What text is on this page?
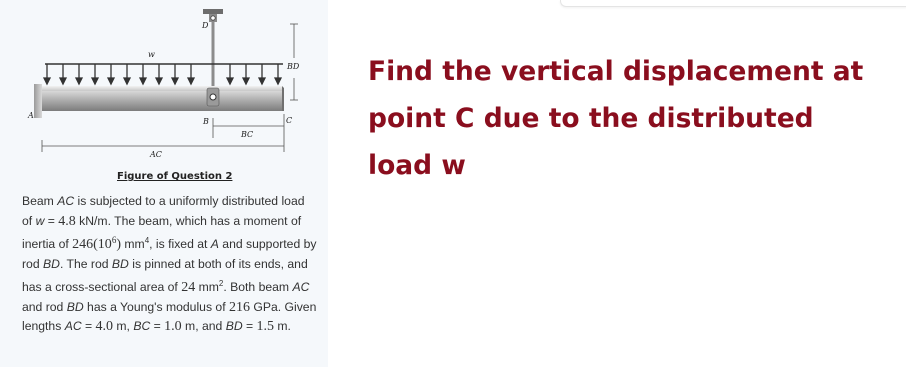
D
w
BD
A
B	C
BC
AC
Figure of Question 2
Beam AC is subjected to a uniformly distributed load of w = 4.8 kN/m. The beam, which has a moment of inertia of $246(10^6)$ $mm^4$, is fixed at A and supported by rod BD. The rod BD is pinned at both of its ends, and has a cross-sectional area of 24 $mm^2$. Both beam AC and rod BD has a Young's modulus of 216 GPa. Given lengths AC = 4.0 m, BC = 1.0 m, and BD = 1.5 m.
Find the vertical displacement at point C due to the distributed load w
